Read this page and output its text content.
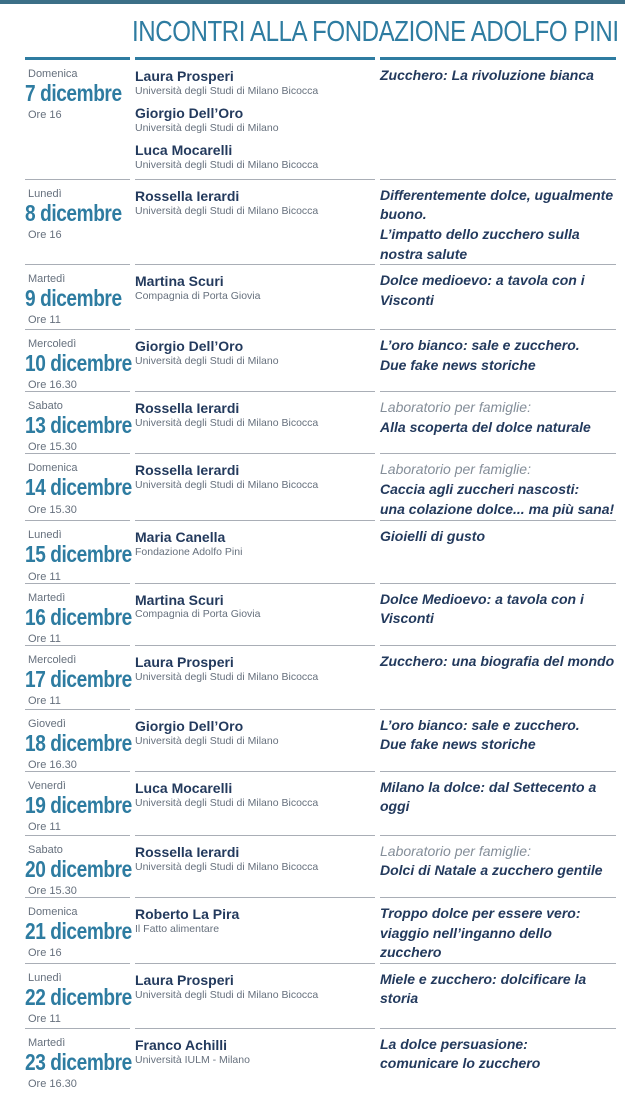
INCONTRI ALLA FONDAZIONE ADOLFO PINI
Domenica
7 dicembre
Ore 16
Laura Prosperi
Università degli Studi di Milano Bicocca
Giorgio Dell’Oro
Università degli Studi di Milano
Luca Mocarelli
Università degli Studi di Milano Bicocca
Zucchero: La rivoluzione bianca
Lunedì
8 dicembre
Ore 16
Rossella Ierardi
Università degli Studi di Milano Bicocca
Differentemente dolce, ugualmente buono.
L’impatto dello zucchero sulla nostra salute
Martedì
9 dicembre
Ore 11
Martina Scuri
Compagnia di Porta Giovia
Dolce medioevo: a tavola con i Visconti
Mercoledì
10 dicembre
Ore 16.30
Giorgio Dell’Oro
Università degli Studi di Milano
L’oro bianco: sale e zucchero.
Due fake news storiche
Sabato
13 dicembre
Ore 15.30
Rossella Ierardi
Università degli Studi di Milano Bicocca
Laboratorio per famiglie:
Alla scoperta del dolce naturale
Domenica
14 dicembre
Ore 15.30
Rossella Ierardi
Università degli Studi di Milano Bicocca
Laboratorio per famiglie:
Caccia agli zuccheri nascosti:
una colazione dolce... ma più sana!
Lunedì
15 dicembre
Ore 11
Maria Canella
Fondazione Adolfo Pini
Gioielli di gusto
Martedì
16 dicembre
Ore 11
Martina Scuri
Compagnia di Porta Giovia
Dolce Medioevo: a tavola con i Visconti
Mercoledì
17 dicembre
Ore 11
Laura Prosperi
Università degli Studi di Milano Bicocca
Zucchero: una biografia del mondo
Giovedì
18 dicembre
Ore 16.30
Giorgio Dell’Oro
Università degli Studi di Milano
L’oro bianco: sale e zucchero.
Due fake news storiche
Venerdì
19 dicembre
Ore 11
Luca Mocarelli
Università degli Studi di Milano Bicocca
Milano la dolce: dal Settecento a oggi
Sabato
20 dicembre
Ore 15.30
Rossella Ierardi
Università degli Studi di Milano Bicocca
Laboratorio per famiglie:
Dolci di Natale a zucchero gentile
Domenica
21 dicembre
Ore 16
Roberto La Pira
Il Fatto alimentare
Troppo dolce per essere vero:
viaggio nell’inganno dello zucchero
Lunedì
22 dicembre
Ore 11
Laura Prosperi
Università degli Studi di Milano Bicocca
Miele e zucchero: dolcificare la storia
Martedì
23 dicembre
Ore 16.30
Franco Achilli
Università IULM - Milano
La dolce persuasione:
comunicare lo zucchero
